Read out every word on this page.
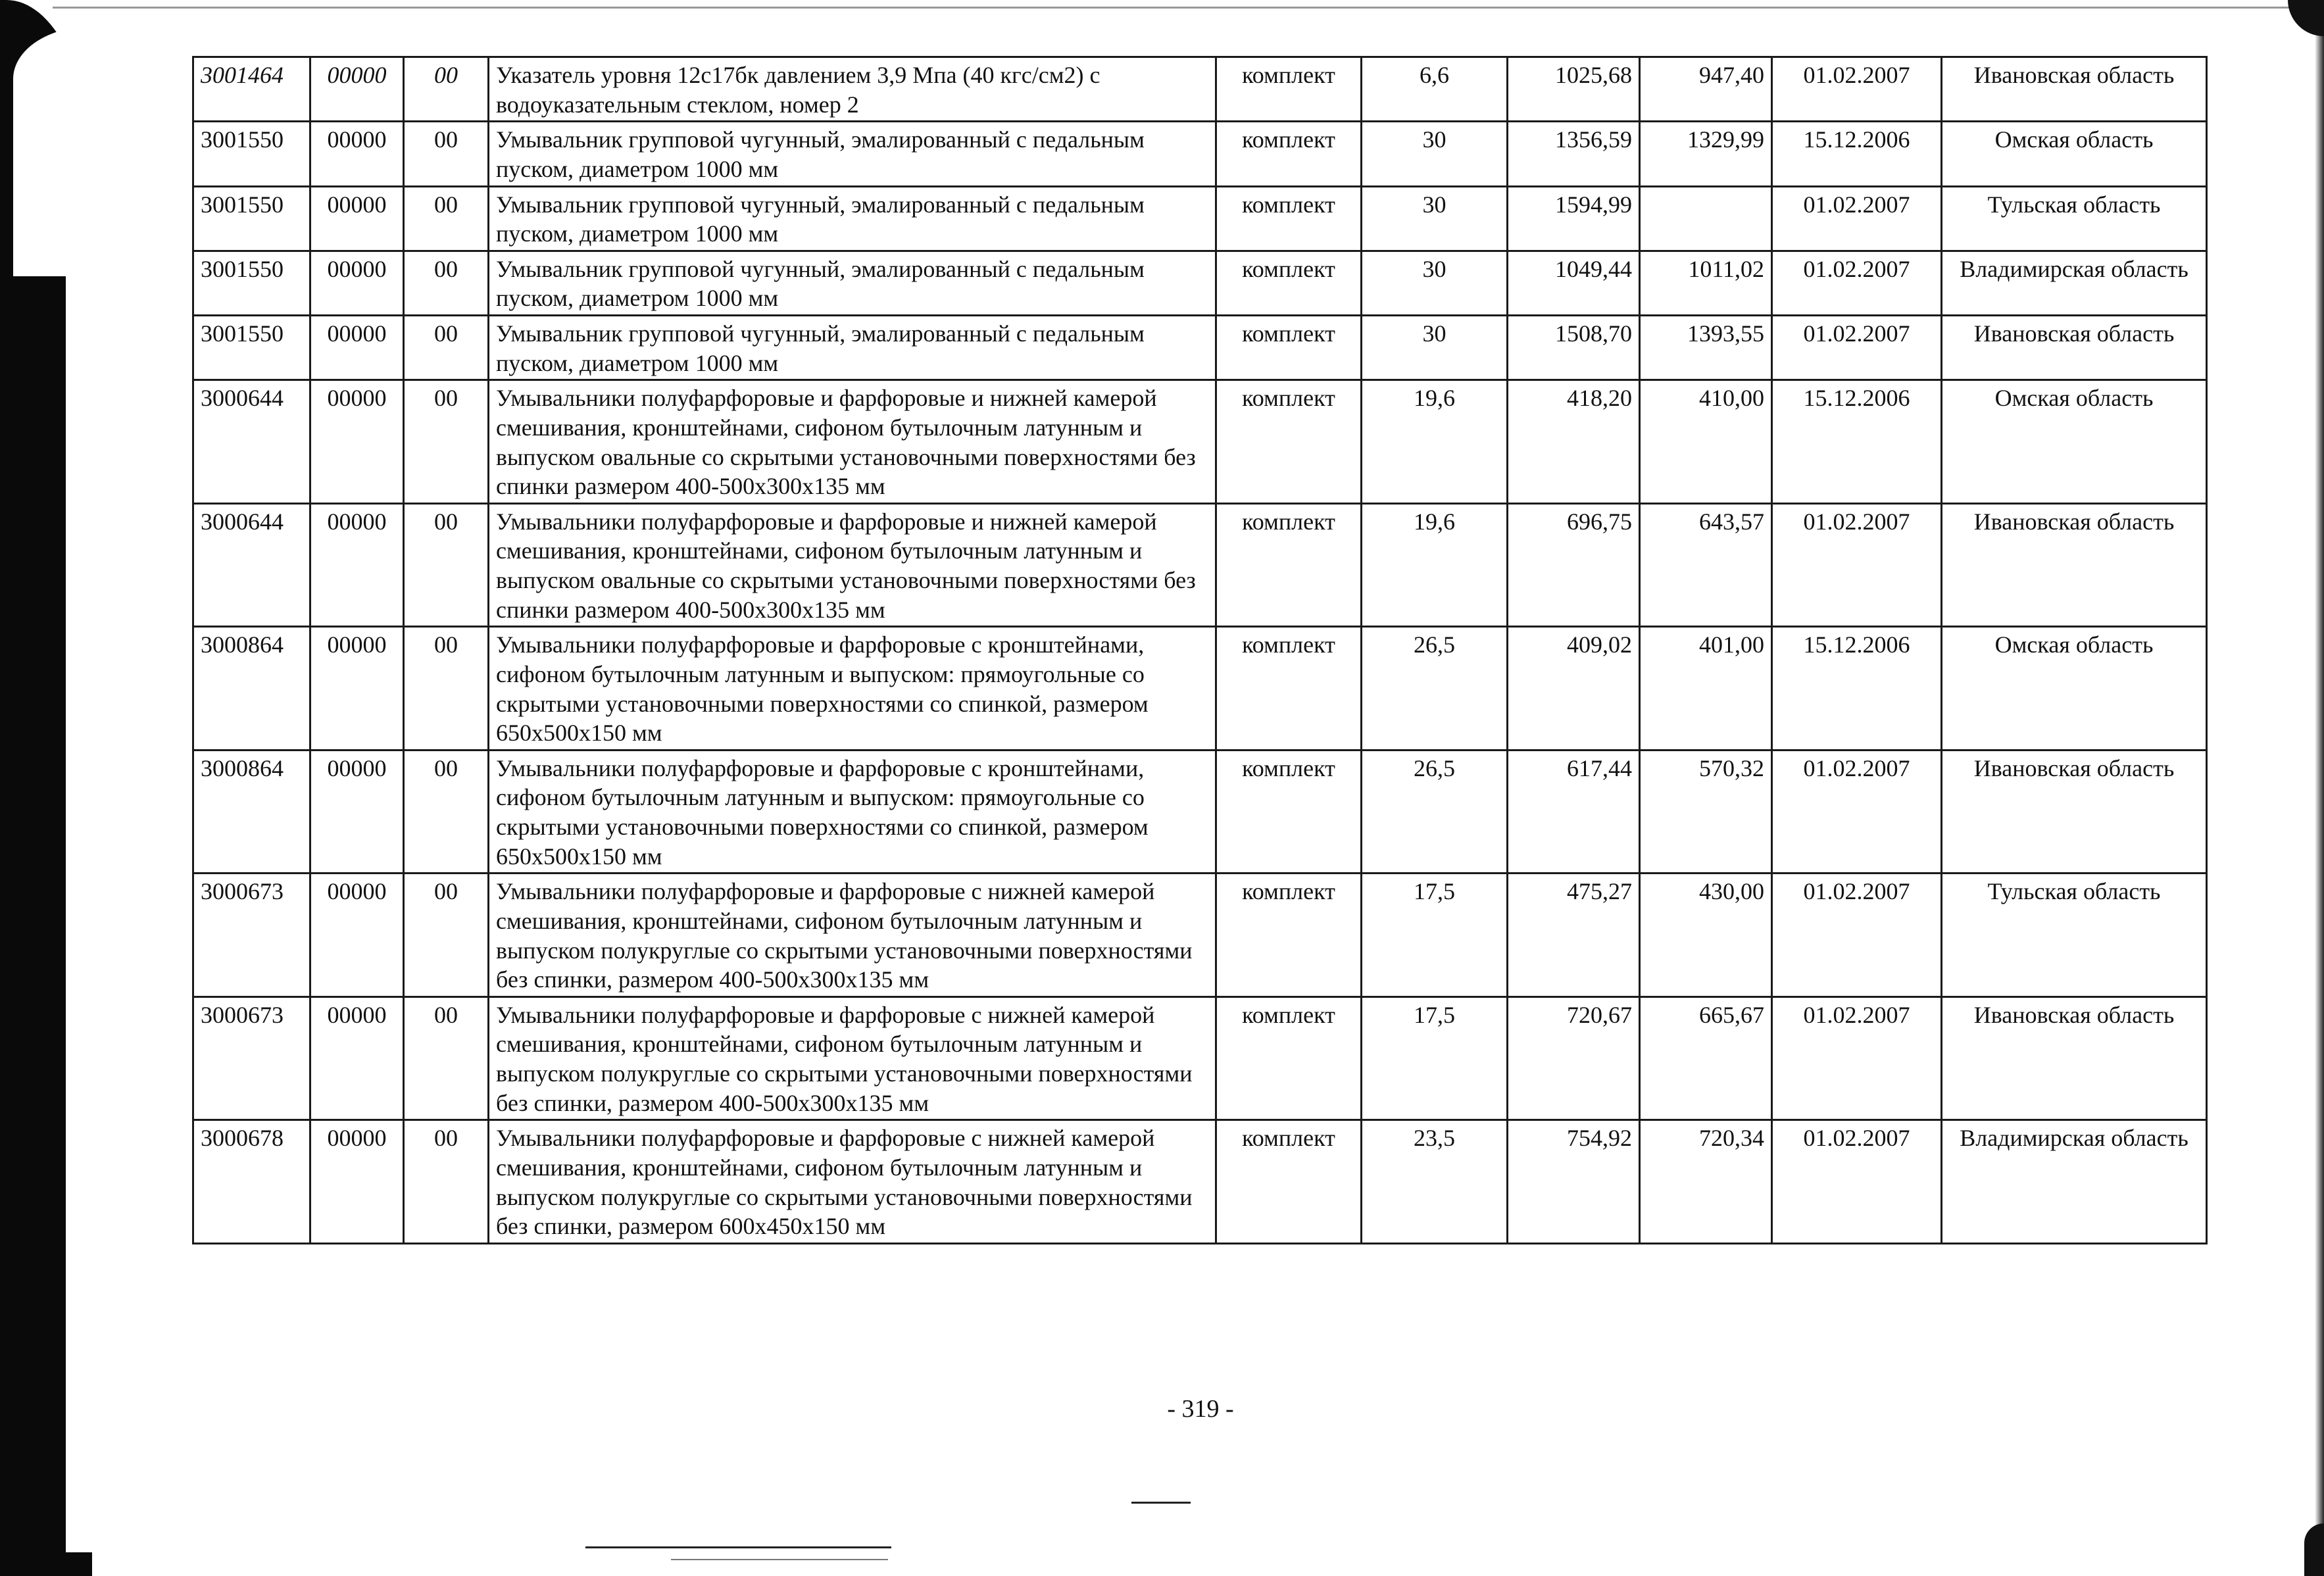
3001464	00000	00	Указатель уровня 12с17бк давлением 3,9 Мпа (40 кгс/см2) с водоуказательным стеклом, номер 2	комплект	6,6	1025,68	947,40	01.02.2007	Ивановская область
3001550	00000	00	Умывальник групповой чугунный, эмалированный с педальным пуском, диаметром 1000 мм	комплект	30	1356,59	1329,99	15.12.2006	Омская область
3001550	00000	00	Умывальник групповой чугунный, эмалированный с педальным пуском, диаметром 1000 мм	комплект	30	1594,99		01.02.2007	Тульская область
3001550	00000	00	Умывальник групповой чугунный, эмалированный с педальным пуском, диаметром 1000 мм	комплект	30	1049,44	1011,02	01.02.2007	Владимирская область
3001550	00000	00	Умывальник групповой чугунный, эмалированный с педальным пуском, диаметром 1000 мм	комплект	30	1508,70	1393,55	01.02.2007	Ивановская область
3000644	00000	00	Умывальники полуфарфоровые и фарфоровые и нижней камерой смешивания, кронштейнами, сифоном бутылочным латунным и выпуском овальные со скрытыми установочными поверхностями без спинки размером 400-500x300x135 мм	комплект	19,6	418,20	410,00	15.12.2006	Омская область
3000644	00000	00	Умывальники полуфарфоровые и фарфоровые и нижней камерой смешивания, кронштейнами, сифоном бутылочным латунным и выпуском овальные со скрытыми установочными поверхностями без спинки размером 400-500x300x135 мм	комплект	19,6	696,75	643,57	01.02.2007	Ивановская область
3000864	00000	00	Умывальники полуфарфоровые и фарфоровые с кронштейнами, сифоном бутылочным латунным и выпуском: прямоугольные со скрытыми установочными поверхностями со спинкой, размером 650x500x150 мм	комплект	26,5	409,02	401,00	15.12.2006	Омская область
3000864	00000	00	Умывальники полуфарфоровые и фарфоровые с кронштейнами, сифоном бутылочным латунным и выпуском: прямоугольные со скрытыми установочными поверхностями со спинкой, размером 650x500x150 мм	комплект	26,5	617,44	570,32	01.02.2007	Ивановская область
3000673	00000	00	Умывальники полуфарфоровые и фарфоровые с нижней камерой смешивания, кронштейнами, сифоном бутылочным латунным и выпуском полукруглые со скрытыми установочными поверхностями без спинки, размером 400-500x300x135 мм	комплект	17,5	475,27	430,00	01.02.2007	Тульская область
3000673	00000	00	Умывальники полуфарфоровые и фарфоровые с нижней камерой смешивания, кронштейнами, сифоном бутылочным латунным и выпуском полукруглые со скрытыми установочными поверхностями без спинки, размером 400-500x300x135 мм	комплект	17,5	720,67	665,67	01.02.2007	Ивановская область
3000678	00000	00	Умывальники полуфарфоровые и фарфоровые с нижней камерой смешивания, кронштейнами, сифоном бутылочным латунным и выпуском полукруглые со скрытыми установочными поверхностями без спинки, размером 600x450x150 мм	комплект	23,5	754,92	720,34	01.02.2007	Владимирская область
- 319 -
